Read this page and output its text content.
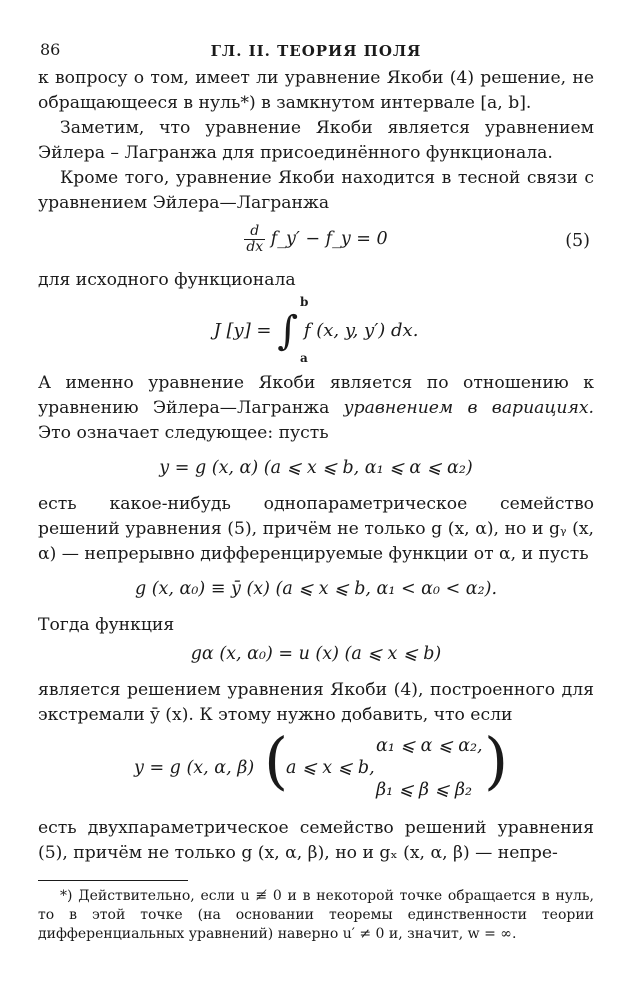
86	ГЛ. II. ТЕОРИЯ ПОЛЯ

к вопросу о том, имеет ли уравнение Якоби (4) решение, не обращающееся в нуль*) в замкнутом интервале [a, b].

Заметим, что уравнение Якоби является уравнением Эйлера – Лагранжа для присоединённого функционала.

Кроме того, уравнение Якоби находится в тесной связи с уравнением Эйлера—Лагранжа

$\frac{d}{dx}$ f_y′ − f_y = 0	(5)

для исходного функционала

J [y] = ∫ f (x, y, y′) dx.
b
a

А именно уравнение Якоби является по отношению к уравнению Эйлера—Лагранжа уравнением в вариациях. Это означает следующее: пусть

y = g (x, α) (a ⩽ x ⩽ b, α₁ ⩽ α ⩽ α₂)

есть какое-нибудь однопараметрическое семейство решений уравнения (5), причём не только g (x, α), но и gᵧ (x, α) — непрерывно дифференцируемые функции от α, и пусть

g (x, α₀) ≡ ȳ (x) (a ⩽ x ⩽ b, α₁ < α₀ < α₂).

Тогда функция

gα (x, α₀) = u (x) (a ⩽ x ⩽ b)

является решением уравнения Якоби (4), построенного для экстремали ȳ (x). К этому нужно добавить, что если

y = g (x, α, β) (
a ⩽ x ⩽ b,
α₁ ⩽ α ⩽ α₂,
β₁ ⩽ β ⩽ β₂ )

есть двухпараметрическое семейство решений уравнения (5), причём не только g (x, α, β), но и gₓ (x, α, β) — непре-

*) Действительно, если u ≢ 0 и в некоторой точке обращается в нуль, то в этой точке (на основании теоремы единственности теории дифференциальных уравнений) наверно u′ ≠ 0 и, значит, w = ∞.
